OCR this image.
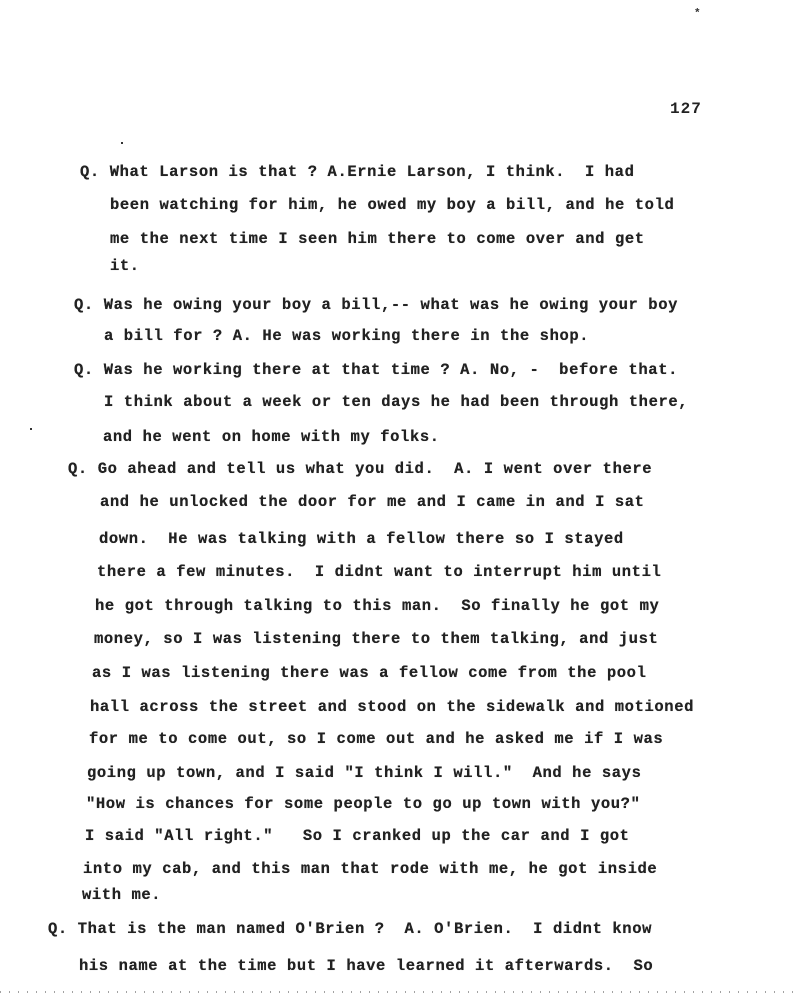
*
127
Q. What Larson is that ? A.Ernie Larson, I think.  I had
been watching for him, he owed my boy a bill, and he told
me the next time I seen him there to come over and get
it.
Q. Was he owing your boy a bill,-- what was he owing your boy
a bill for ? A. He was working there in the shop.
Q. Was he working there at that time ? A. No, -  before that.
I think about a week or ten days he had been through there,
and he went on home with my folks.
Q. Go ahead and tell us what you did.  A. I went over there
and he unlocked the door for me and I came in and I sat
down.  He was talking with a fellow there so I stayed
there a few minutes.  I didnt want to interrupt him until
he got through talking to this man.  So finally he got my
money, so I was listening there to them talking, and just
as I was listening there was a fellow come from the pool
hall across the street and stood on the sidewalk and motioned
for me to come out, so I come out and he asked me if I was
going up town, and I said "I think I will."  And he says
"How is chances for some people to go up town with you?"
I said "All right."   So I cranked up the car and I got
into my cab, and this man that rode with me, he got inside
with me.
Q. That is the man named O'Brien ?  A. O'Brien.  I didnt know
his name at the time but I have learned it afterwards.  So
